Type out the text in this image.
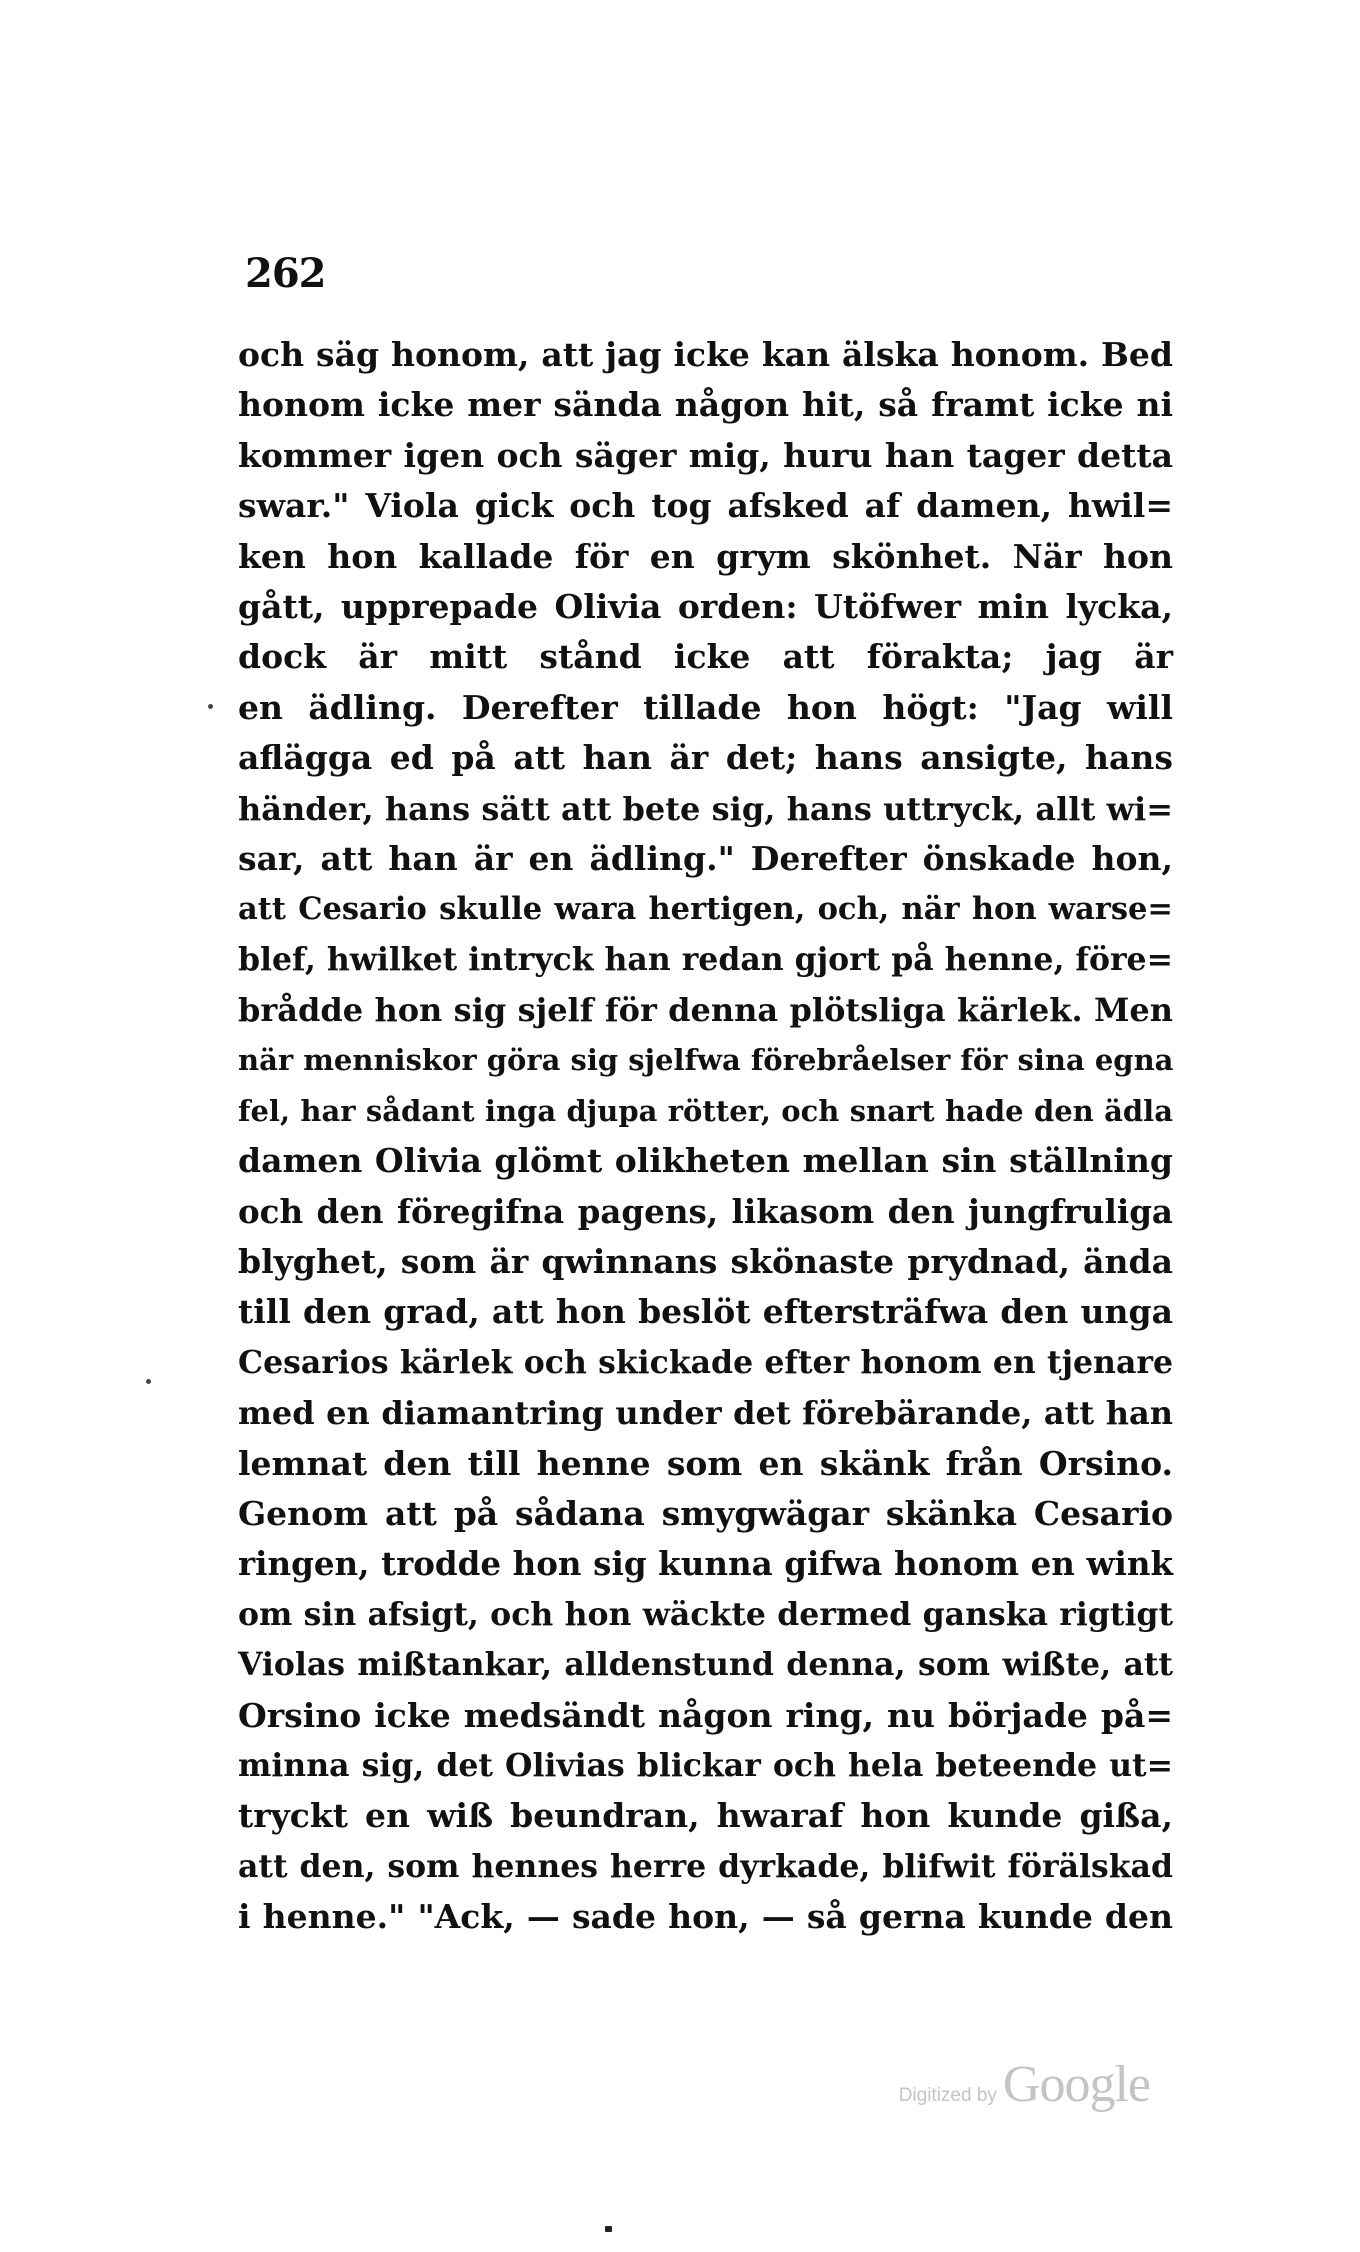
262
och säg honom, att jag icke kan älska honom. Bed
honom icke mer sända någon hit, så framt icke ni
kommer igen och säger mig, huru han tager detta
swar." Viola gick och tog afsked af damen, hwil=
ken hon kallade för en grym skönhet. När hon
gått, upprepade Olivia orden: Utöfwer min lycka,
dock är mitt stånd icke att förakta; jag är
en ädling. Derefter tillade hon högt: "Jag will
aflägga ed på att han är det; hans ansigte, hans
händer, hans sätt att bete sig, hans uttryck, allt wi=
sar, att han är en ädling." Derefter önskade hon,
att Cesario skulle wara hertigen, och, när hon warse=
blef, hwilket intryck han redan gjort på henne, före=
brådde hon sig sjelf för denna plötsliga kärlek. Men
när menniskor göra sig sjelfwa förebråelser för sina egna
fel, har sådant inga djupa rötter, och snart hade den ädla
damen Olivia glömt olikheten mellan sin ställning
och den föregifna pagens, likasom den jungfruliga
blyghet, som är qwinnans skönaste prydnad, ända
till den grad, att hon beslöt eftersträfwa den unga
Cesarios kärlek och skickade efter honom en tjenare
med en diamantring under det förebärande, att han
lemnat den till henne som en skänk från Orsino.
Genom att på sådana smygwägar skänka Cesario
ringen, trodde hon sig kunna gifwa honom en wink
om sin afsigt, och hon wäckte dermed ganska rigtigt
Violas mißtankar, alldenstund denna, som wißte, att
Orsino icke medsändt någon ring, nu började på=
minna sig, det Olivias blickar och hela beteende ut=
tryckt en wiß beundran, hwaraf hon kunde gißa,
att den, som hennes herre dyrkade, blifwit förälskad
i henne." "Ack, — sade hon, — så gerna kunde den
Digitized by Google
